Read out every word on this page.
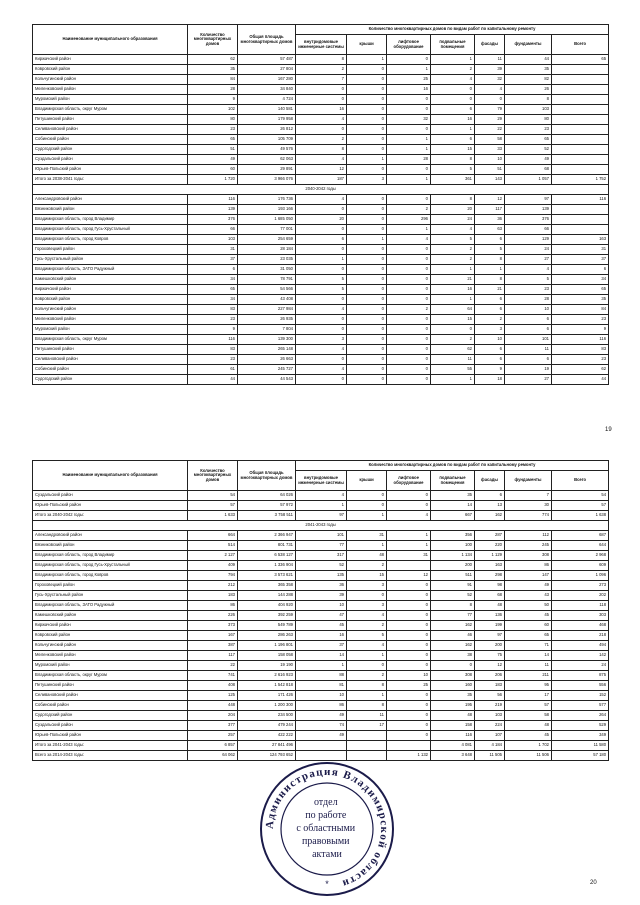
Наименование муниципального образования	Количество многоквартирных домов	Общая площадь многоквартирных домов	Количество многоквартирных домов по видам работ по капитальному ремонту						
			внутридомовые инженерные системы	крыши	лифтовое оборудование	подвальные помещения	фасады	фундаменты	Всего
Киржачский район	62	57 487	8	1	0	1	11	44	65
Ковровский район	35	27 804	2	0	1	2	39	35	
Кольчугинский район	84	167 280	7	0	25	4	32	82	
Меленковский район	28	34 840	0	0	16	0	4	26	
Муромский район	9	4 724	0	0	0	0	0	8	
Владимирская область, округ Муром	102	140 581	16	0	0	6	79	103	
Петушинский район	80	179 958	4	0	32	16	29	80	
Селивановский район	23	26 812	0	0	0	1	22	23	
Собинский район	65	105 709	2	0	1	6	58	65	
Судогодский район	51	49 576	8	0	1	15	33	52	
Суздальский район	49	62 063	4	1	28	8	10	49	
Юрьев-Польский район	60	29 891	12	0	0	5	51	68	
Итого за 2038-2041 годы:	1 720	3 966 076	187	3	1	361	143	1 057	1 752
2040-2042 годы									
Александровский район	116	176 736	4	0	0	8	12	97	116
Вязниковский район	139	193 166	0	0	2	20	117	139	
Владимирская область, город Владимир	376	1 685 050	20	0	296	24	36	376	
Владимирская область, город Гусь-Хрустальный	66	77 001	0	0	1	4	63	66	
Владимирская область, город Ковров	103	254 659	6	1	4	5	6	129	163
Гороховецкий район	31	28 184	0	0	0	2	5	24	31
Гусь-Хрустальный район	37	23 035	1	0	0	2	8	27	37
Владимирская область, ЗАТО Радужный	6	31 050	0	0	0	1	1	4	6
Камешковский район	34	78 791	5	0	0	21	8	5	34
Киржачский район	65	54 566	5	0	0	16	21	23	65
Ковровский район	34	43 408	0	0	0	1	6	28	35
Кольчугинский район	83	227 984	4	0	2	64	6	10	84
Меленковский район	23	26 935	0	0	0	15	2	6	23
Муромский район	9	7 804	0	0	0	0	3	6	9
Владимирская область, округ Муром	116	139 300	3	0	0	2	10	101	116
Петушинский район	83	265 148	4	0	0	62	6	11	83
Селивановский район	23	26 663	0	0	0	11	6	6	23
Собинский район	61	245 727	4	0	0	55	9	19	62
Судогодский район	44	44 543	0	0	0	1	18	27	44
19
Наименование муниципального образования	Количество многоквартирных домов	Общая площадь многоквартирных домов	Количество многоквартирных домов по видам работ по капитальному ремонту						
			внутридомовые инженерные системы	крыши	лифтовое оборудование	подвальные помещения	фасады	фундаменты	Всего
Суздальский район	54	64 026	4	0	0	35	6	7	54
Юрьев-Польский район	57	57 972	1	0	0	14	13	30	57
Итого за 2040-2042 годы:	1 633	3 758 511	97	1	4	667	162	774	1 638
2041-2043 годы									
Александровский район	664	2 366 947	101	31	1	356	287	112	687
Вязниковский район	514	801 731	77	1	1	100	220	245	644
Владимирская область, город Владимир	2 127	6 538 127	317	48	31	1 134	1 129	308	2 968
Владимирская область, город Гусь-Хрустальный	409	1 336 904	52	2		200	163	86	609
Владимирская область, город Ковров	794	3 573 621	135	15	12	511	298	147	1 096
Гороховецкий район	212	365 358	36	3	0	91	98	49	273
Гусь-Хрустальный район	183	144 288	39	0	0	52	68	43	202
Владимирская область, ЗАТО Радужный	86	404 920	10	3	0	8	48	50	118
Камешковский район	226	392 259	47	4	0	77	136	45	303
Киржачский район	373	549 789	45	2	0	162	199	60	468
Ковровский район	167	286 263	16	5	0	46	97	65	218
Кольчугинский район	387	1 196 801	37	4	0	162	200	71	494
Меленковский район	117	158 058	14	1	0	38	75	14	142
Муромский район	22	19 190	1	0	0	0	12	11	24
Владимирская область, округ Муром	741	2 616 923	88	2	10	308	206	211	875
Петушинский район	408	1 542 818	81	8	25	160	183	95	556
Селивановский район	125	171 426	10	1	0	35	56	17	152
Собинский район	448	1 200 300	86	8	0	195	219	57	577
Судогодский район	204	234 500	49	11	0	48	103	58	264
Суздальский район	377	479 244	74	17	0	158	224	48	529
Юрьев-Польский район	257	422 222	49		0	116	107	45	349
Итого за 2041-2043 годы:	6 857	27 841 496				4 081	4 184	1 702	11 580
Всего за 2014-2043 годы:	64 062	124 793 652			1 132	3 648	11 505	11 506	57 180
20
Администрация Владимирской области
отдел по работе с областными правовыми актами
*
